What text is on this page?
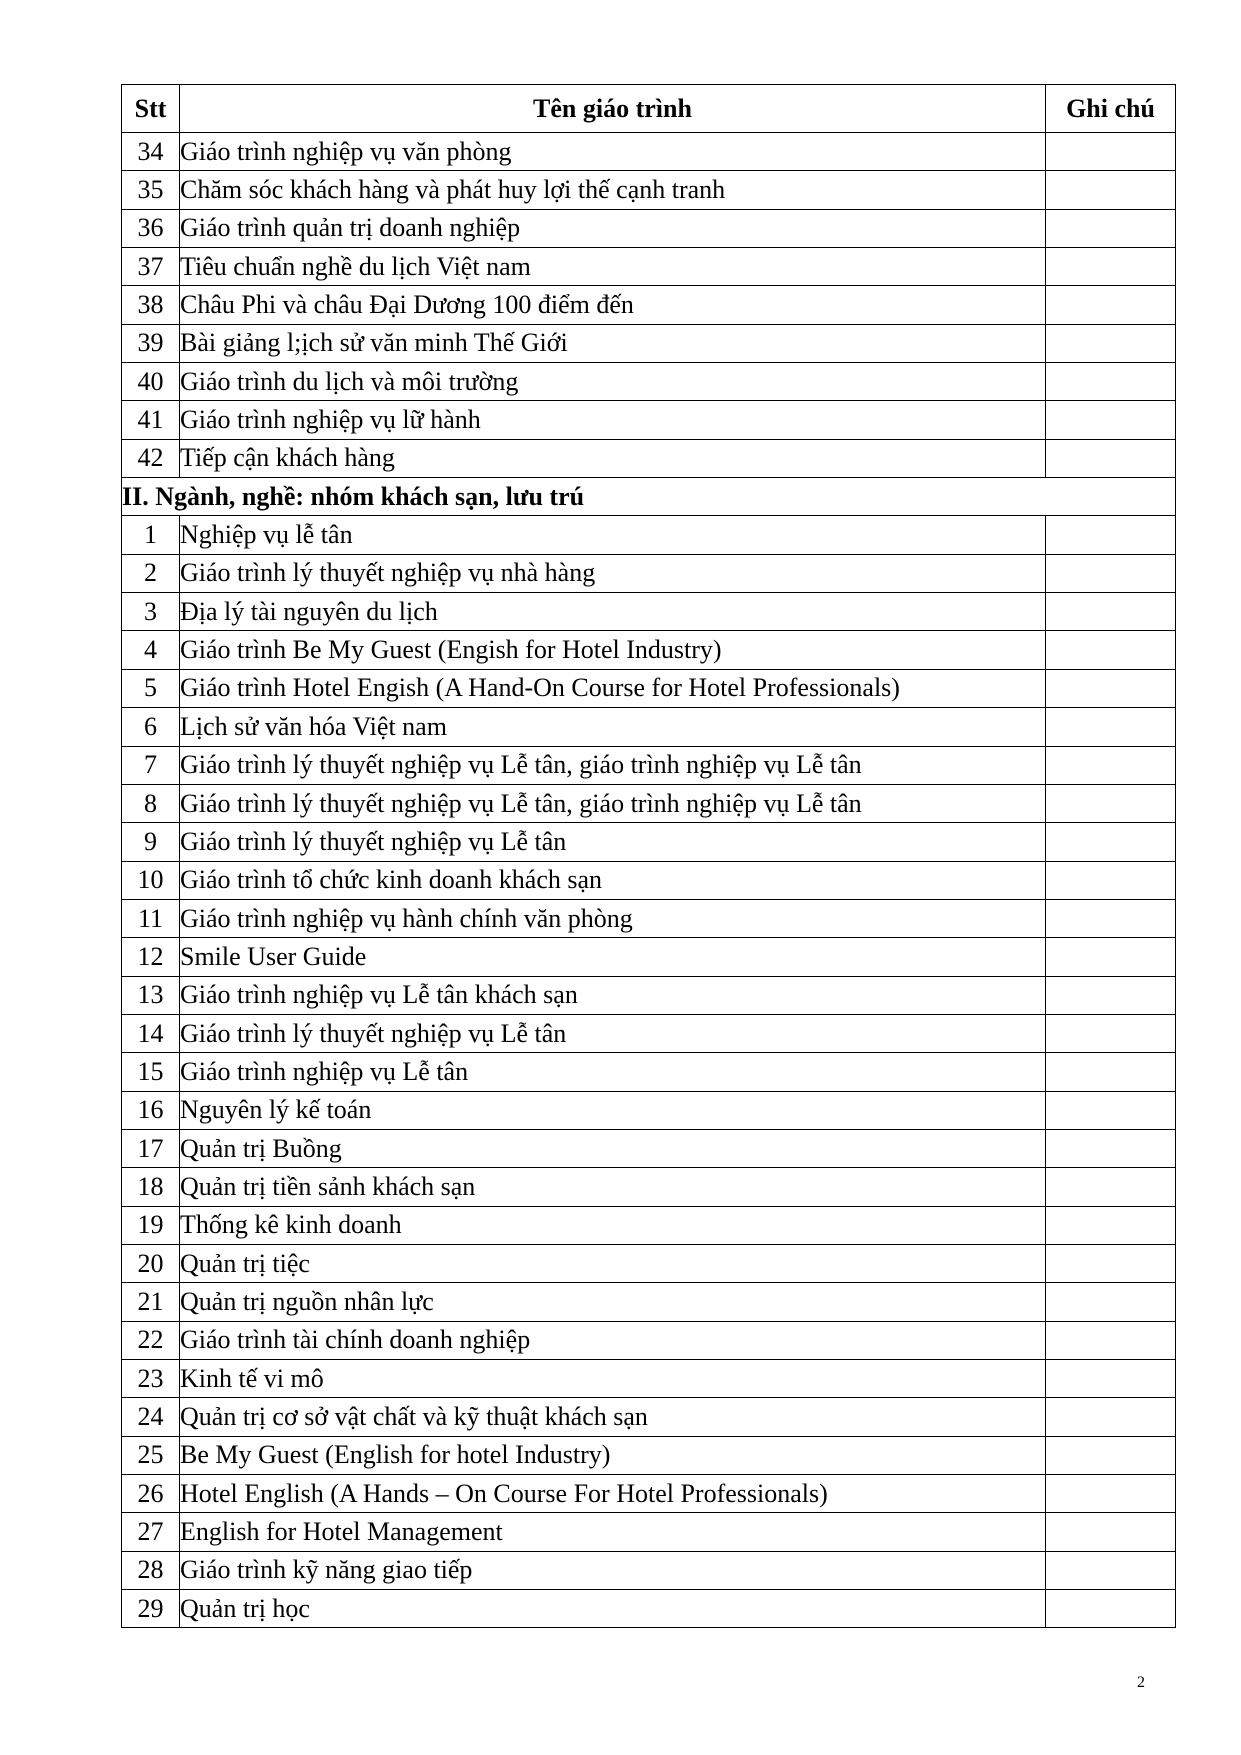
Stt	Tên giáo trình	Ghi chú
34	Giáo trình nghiệp vụ văn phòng	
35	Chăm sóc khách hàng và phát huy lợi thế cạnh tranh	
36	Giáo trình quản trị doanh nghiệp	
37	Tiêu chuẩn nghề du lịch Việt nam	
38	Châu Phi và châu Đại Dương 100 điểm đến	
39	Bài giảng l;ịch sử văn minh Thế Giới	
40	Giáo trình du lịch và môi trường	
41	Giáo trình nghiệp vụ lữ hành	
42	Tiếp cận khách hàng	
II. Ngành, nghề: nhóm khách sạn, lưu trú		
1	Nghiệp vụ lễ tân	
2	Giáo trình lý thuyết nghiệp vụ nhà hàng	
3	Địa lý tài nguyên du lịch	
4	Giáo trình Be My Guest (Engish for Hotel Industry)	
5	Giáo trình Hotel Engish (A Hand-On Course for Hotel Professionals)	
6	Lịch sử văn hóa Việt nam	
7	Giáo trình lý thuyết nghiệp vụ Lễ tân, giáo trình nghiệp vụ Lễ tân	
8	Giáo trình lý thuyết nghiệp vụ Lễ tân, giáo trình nghiệp vụ Lễ tân	
9	Giáo trình lý thuyết nghiệp vụ Lễ tân	
10	Giáo trình tổ chức kinh doanh khách sạn	
11	Giáo trình nghiệp vụ hành chính văn phòng	
12	Smile User Guide	
13	Giáo trình nghiệp vụ Lễ tân khách sạn	
14	Giáo trình lý thuyết nghiệp vụ Lễ tân	
15	Giáo trình nghiệp vụ Lễ tân	
16	Nguyên lý kế toán	
17	Quản trị Buồng	
18	Quản trị tiền sảnh khách sạn	
19	Thống kê kinh doanh	
20	Quản trị tiệc	
21	Quản trị nguồn nhân lực	
22	Giáo trình tài chính doanh nghiệp	
23	Kinh tế vi mô	
24	Quản trị cơ sở vật chất và kỹ thuật khách sạn	
25	Be My Guest (English for hotel Industry)	
26	Hotel English (A Hands – On Course For Hotel Professionals)	
27	English for Hotel Management	
28	Giáo trình kỹ năng giao tiếp	
29	Quản trị học	
2
